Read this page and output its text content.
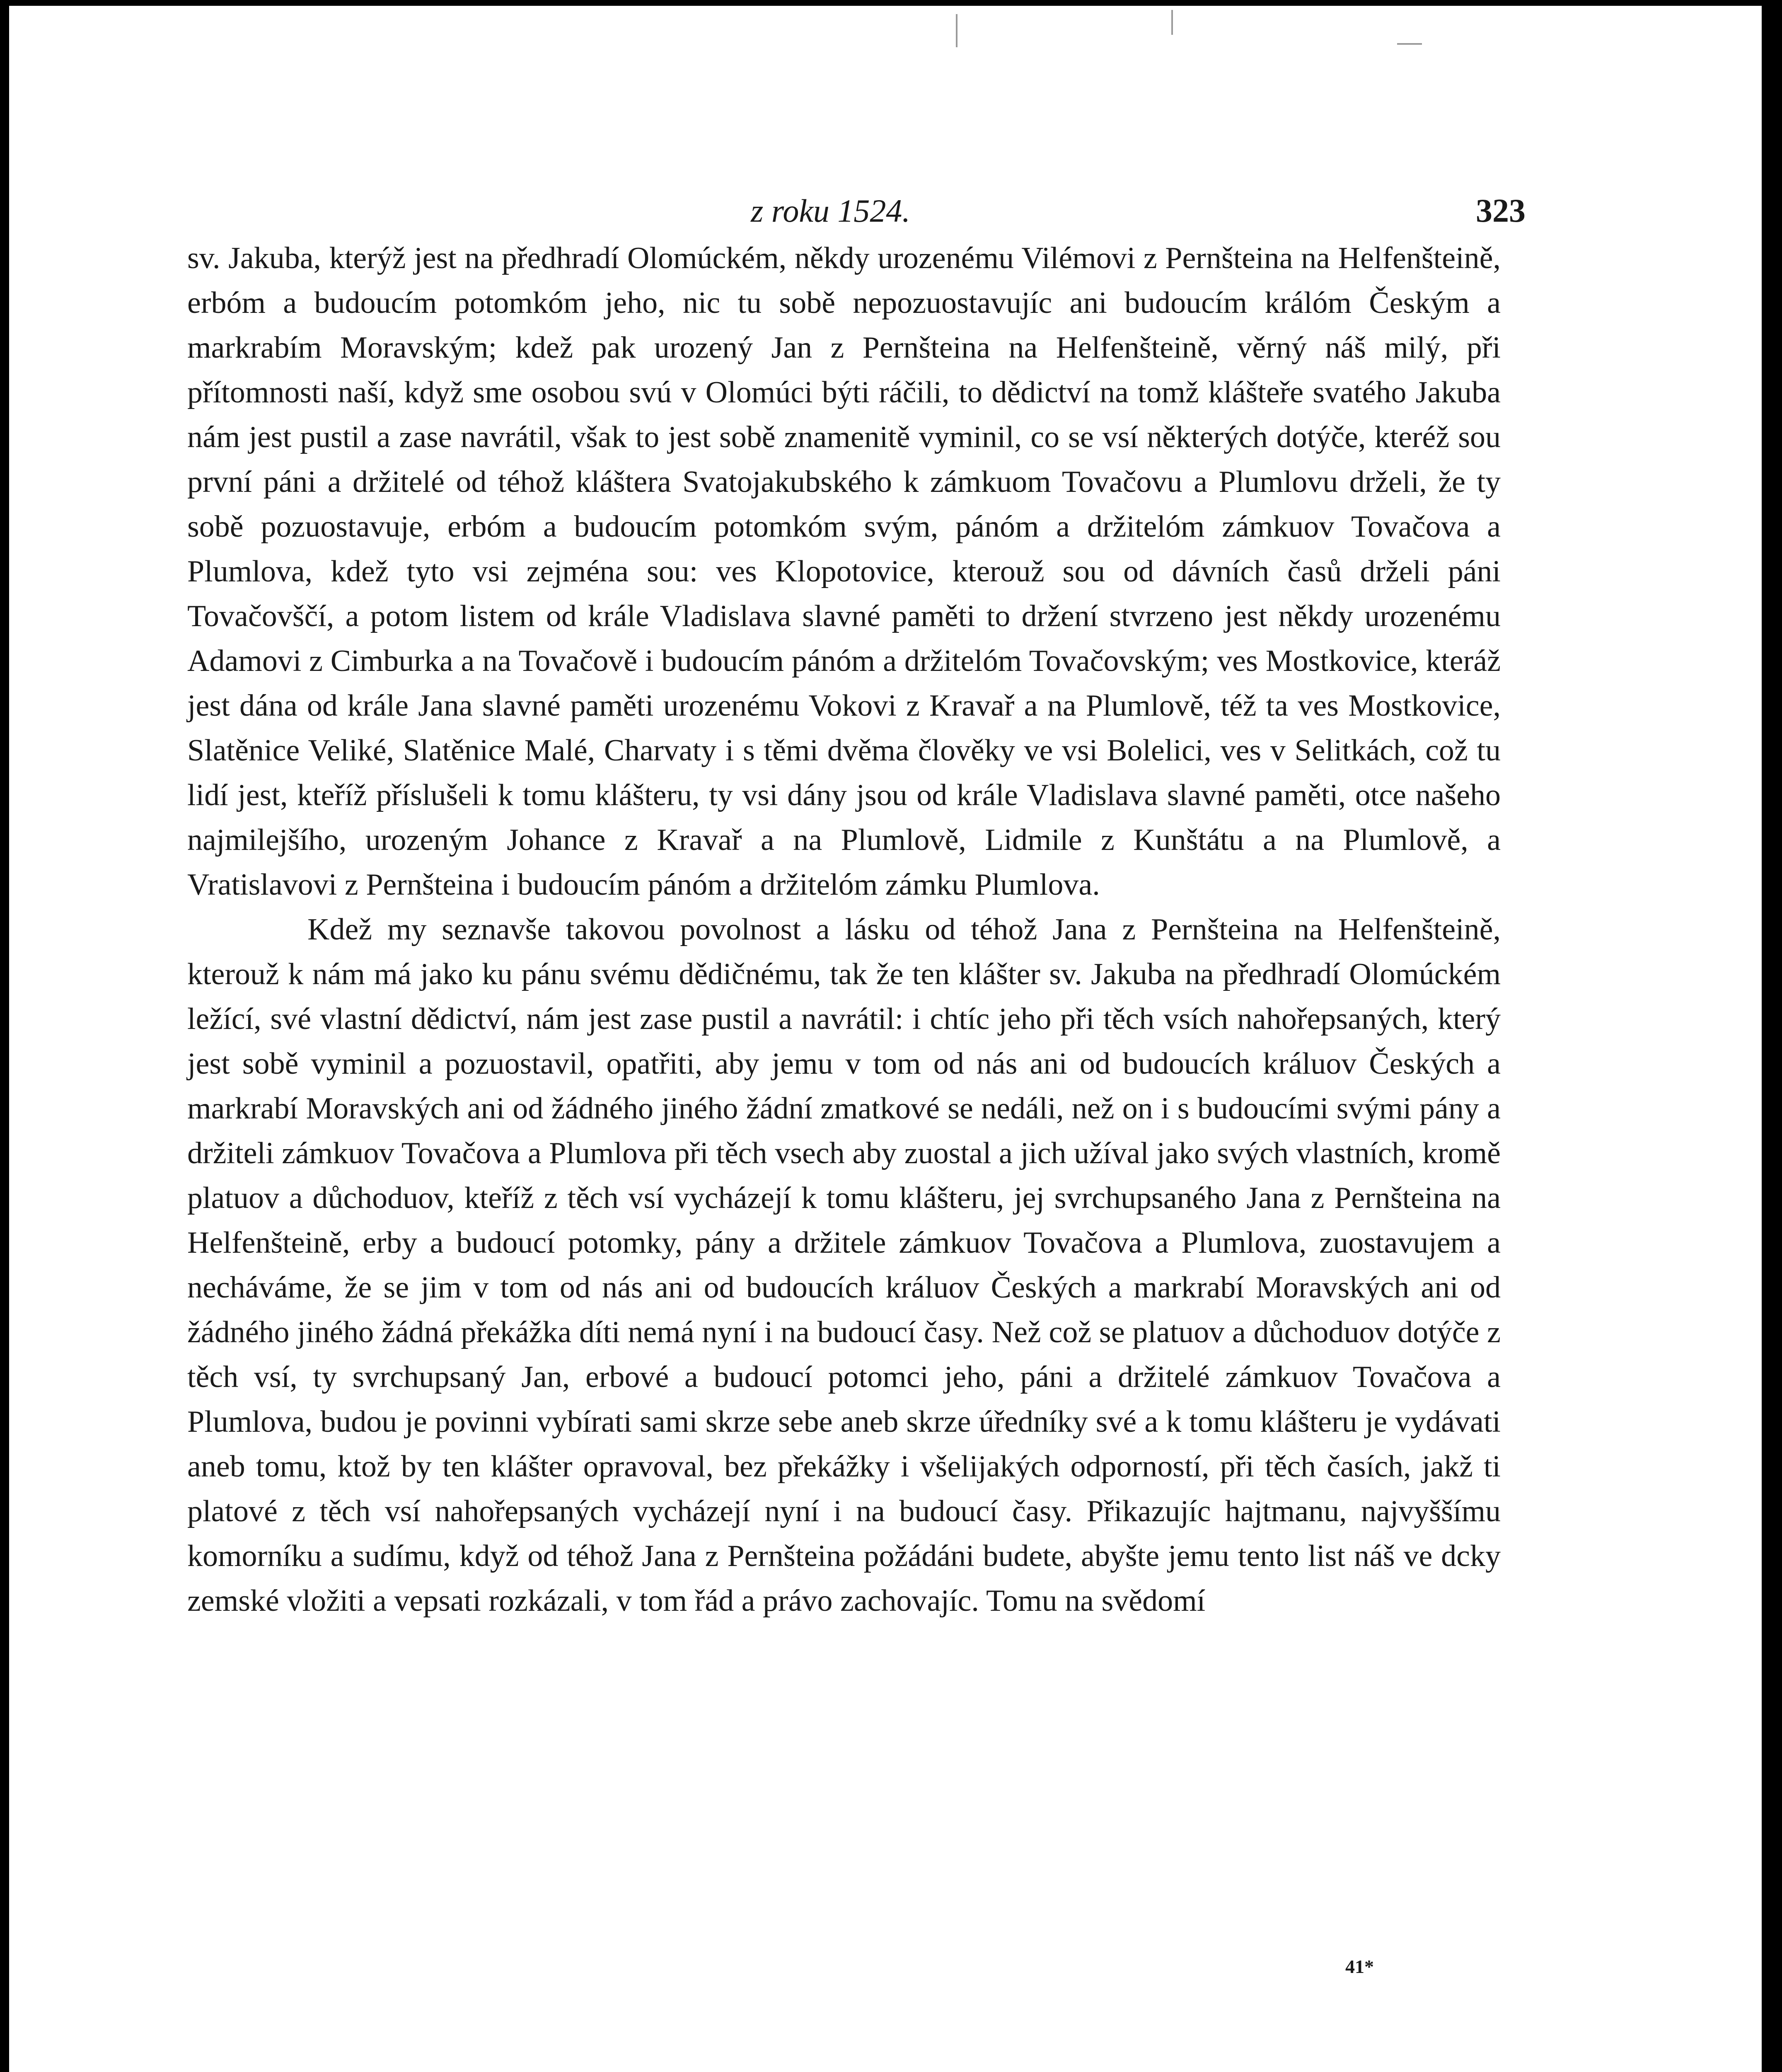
z roku 1524.	323

sv. Jakuba, kterýž jest na předhradí Olomúckém, někdy urozenému Vilémovi z Pernšteina na Helfenšteině, erbóm a budoucím potomkóm jeho, nic tu sobě nepozuostavujíc ani budoucím králóm Českým a markrabím Moravským; kdež pak urozený Jan z Pernšteina na Helfenšteině, věrný náš milý, při přítomnosti naší, když sme osobou svú v Olomúci býti ráčili, to dědictví na tomž klášteře svatého Jakuba nám jest pustil a zase navrátil, však to jest sobě znamenitě vyminil, co se vsí některých dotýče, kteréž sou první páni a držitelé od téhož kláštera Svatojakubského k zámkuom Tovačovu a Plumlovu drželi, že ty sobě pozuostavuje, erbóm a budoucím potomkóm svým, pánóm a držitelóm zámkuov Tovačova a Plumlova, kdež tyto vsi zejména sou: ves Klopotovice, kterouž sou od dávních časů drželi páni Tovačovščí, a potom listem od krále Vladislava slavné paměti to držení stvrzeno jest někdy urozenému Adamovi z Cimburka a na Tovačově i budoucím pánóm a držitelóm Tovačovským; ves Mostkovice, kteráž jest dána od krále Jana slavné paměti urozenému Vokovi z Kravař a na Plumlově, též ta ves Mostkovice, Slatěnice Veliké, Slatěnice Malé, Charvaty i s těmi dvěma člověky ve vsi Bolelici, ves v Selitkách, což tu lidí jest, kteříž příslušeli k tomu klášteru, ty vsi dány jsou od krále Vladislava slavné paměti, otce našeho najmilejšího, urozeným Johance z Kravař a na Plumlově, Lidmile z Kunštátu a na Plumlově, a Vratislavovi z Pernšteina i budoucím pánóm a držitelóm zámku Plumlova.

Kdež my seznavše takovou povolnost a lásku od téhož Jana z Pernšteina na Helfenšteině, kterouž k nám má jako ku pánu svému dědičnému, tak že ten klášter sv. Jakuba na předhradí Olomúckém ležící, své vlastní dědictví, nám jest zase pustil a navrátil: i chtíc jeho při těch vsích nahořepsaných, který jest sobě vyminil a pozuostavil, opatřiti, aby jemu v tom od nás ani od budoucích králuov Českých a markrabí Moravských ani od žádného jiného žádní zmatkové se nedáli, než on i s budoucími svými pány a držiteli zámkuov Tovačova a Plumlova při těch vsech aby zuostal a jich užíval jako svých vlastních, kromě platuov a důchoduov, kteříž z těch vsí vycházejí k tomu klášteru, jej svrchupsaného Jana z Pernšteina na Helfenšteině, erby a budoucí potomky, pány a držitele zámkuov Tovačova a Plumlova, zuostavujem a necháváme, že se jim v tom od nás ani od budoucích králuov Českých a markrabí Moravských ani od žádného jiného žádná překážka díti nemá nyní i na budoucí časy. Než což se platuov a důchoduov dotýče z těch vsí, ty svrchupsaný Jan, erbové a budoucí potomci jeho, páni a držitelé zámkuov Tovačova a Plumlova, budou je povinni vybírati sami skrze sebe aneb skrze úředníky své a k tomu klášteru je vydávati aneb tomu, ktož by ten klášter opravoval, bez překážky i všelijakých odporností, při těch časích, jakž ti platové z těch vsí nahořepsaných vycházejí nyní i na budoucí časy. Přikazujíc hajtmanu, najvyššímu komorníku a sudímu, když od téhož Jana z Pernšteina požádáni budete, abyšte jemu tento list náš ve dcky zemské vložiti a vepsati rozkázali, v tom řád a právo zachovajíc. Tomu na svědomí

41*
